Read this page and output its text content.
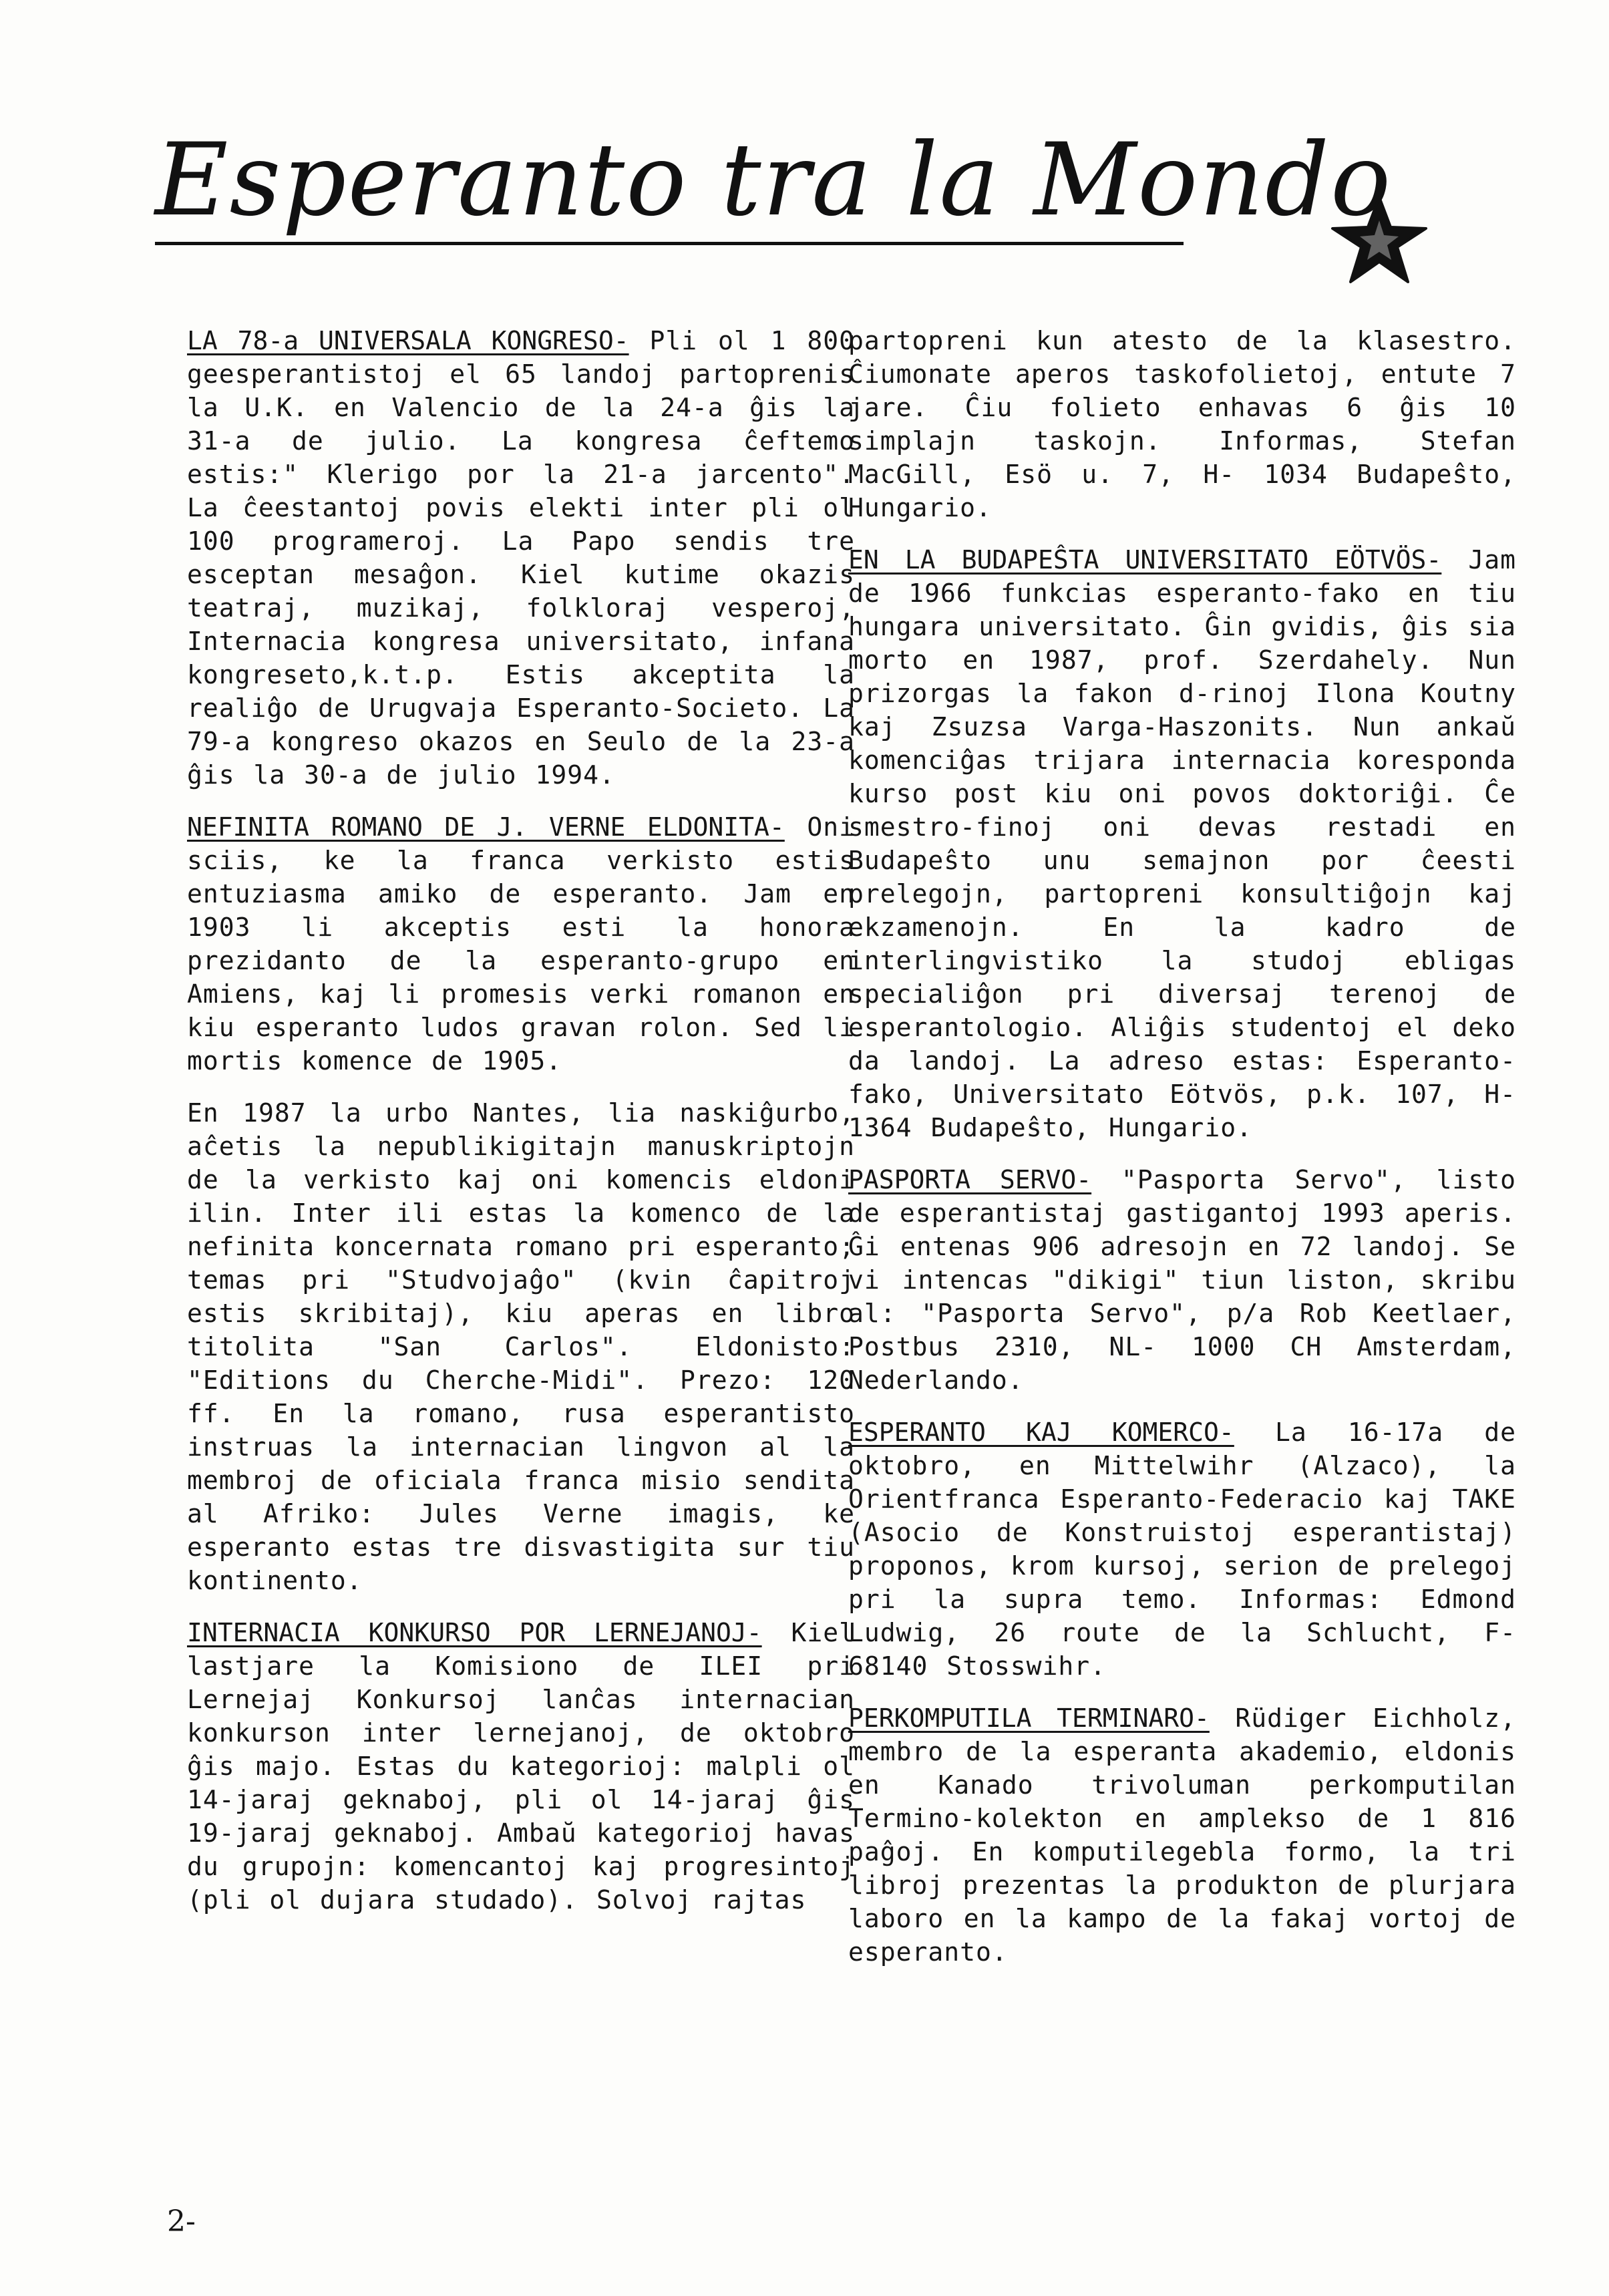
Esperanto tra la Mondo

LA 78-a UNIVERSALA KONGRESO- Pli ol 1 800 geesperantistoj el 65 landoj partoprenis la U.K. en Valencio de la 24-a ĝis la 31-a de julio. La kongresa ĉeftemo estis:" Klerigo por la 21-a jarcento". La ĉeestantoj povis elekti inter pli ol 100 programeroj. La Papo sendis tre esceptan mesaĝon. Kiel kutime okazis teatraj, muzikaj, folkloraj vesperoj, Internacia kongresa universitato, infana kongreseto,k.t.p. Estis akceptita la realiĝo de Urugvaja Esperanto-Societo. La 79-a kongreso okazos en Seulo de la 23-a ĝis la 30-a de julio 1994.

NEFINITA ROMANO DE J. VERNE ELDONITA- Oni sciis, ke la franca verkisto estis entuziasma amiko de esperanto. Jam en 1903 li akceptis esti la honora prezidanto de la esperanto-grupo en Amiens, kaj li promesis verki romanon en kiu esperanto ludos gravan rolon. Sed li mortis komence de 1905.

En 1987 la urbo Nantes, lia naskiĝurbo, aĉetis la nepublikigitajn manuskriptojn de la verkisto kaj oni komencis eldoni ilin. Inter ili estas la komenco de la nefinita koncernata romano pri esperanto; temas pri "Studvojaĝo" (kvin ĉapitroj estis skribitaj), kiu aperas en libro titolita "San Carlos". Eldonisto: "Editions du Cherche-Midi". Prezo: 120 ff. En la romano, rusa esperantisto instruas la internacian lingvon al la membroj de oficiala franca misio sendita al Afriko: Jules Verne imagis, ke esperanto estas tre disvastigita sur tiu kontinento.

INTERNACIA KONKURSO POR LERNEJANOJ- Kiel lastjare la Komisiono de ILEI pri Lernejaj Konkursoj lanĉas internacian konkurson inter lernejanoj, de oktobro ĝis majo. Estas du kategorioj: malpli ol 14-jaraj geknaboj, pli ol 14-jaraj ĝis 19-jaraj geknaboj. Ambaŭ kategorioj havas du grupojn: komencantoj kaj progresintoj (pli ol dujara studado). Solvoj rajtas

partopreni kun atesto de la klasestro. Ĉiumonate aperos taskofolietoj, entute 7 jare. Ĉiu folieto enhavas 6 ĝis 10 simplajn taskojn. Informas, Stefan MacGill, Esö u. 7, H- 1034 Budapeŝto, Hungario.

EN LA BUDAPEŜTA UNIVERSITATO EÖTVÖS- Jam de 1966 funkcias esperanto-fako en tiu hungara universitato. Ĝin gvidis, ĝis sia morto en 1987, prof. Szerdahely. Nun prizorgas la fakon d-rinoj Ilona Koutny kaj Zsuzsa Varga-Haszonits. Nun ankaŭ komenciĝas trijara internacia korespondа kurso post kiu oni povos doktoriĝi. Ĉe smestro-finoj oni devas restadi en Budapeŝto unu semajnon por ĉeesti prelegojn, partopreni konsultiĝojn kaj ekzamenojn. En la kadro de interlingvistiko la studoj ebligas specialiĝon pri diversaj terenoj de esperantologio. Aliĝis studentoj el deko da landoj. La adreso estas: Esperanto-fako, Universitato Eötvös, p.k. 107, H- 1364 Budapeŝto, Hungario.

PASPORTA SERVO- "Pasporta Servo", listo de esperantistaj gastigantoj 1993 aperis. Ĝi entenas 906 adresojn en 72 landoj. Se vi intencas "dikigi" tiun liston, skribu al: "Pasporta Servo", p/a Rob Keetlaer, Postbus 2310, NL- 1000 CH Amsterdam, Nederlando.

ESPERANTO KAJ KOMERCO- La 16-17a de oktobro, en Mittelwihr (Alzaco), la Orientfranca Esperanto-Federacio kaj TAKE (Asocio de Konstruistoj esperantistaj) proponos, krom kursoj, serion de prelegoj pri la supra temo. Informas: Edmond Ludwig, 26 route de la Schlucht, F- 68140 Stosswihr.

PERKOMPUTILA TERMINARO- Rüdiger Eichholz, membro de la esperanta akademio, eldonis en Kanado trivoluman perkomputilan Termino-kolekton en amplekso de 1 816 paĝoj. En komputilegebla formo, la tri libroj prezentas la produkton de plurjara laboro en la kampo de la fakaj vortoj de esperanto.

2-
